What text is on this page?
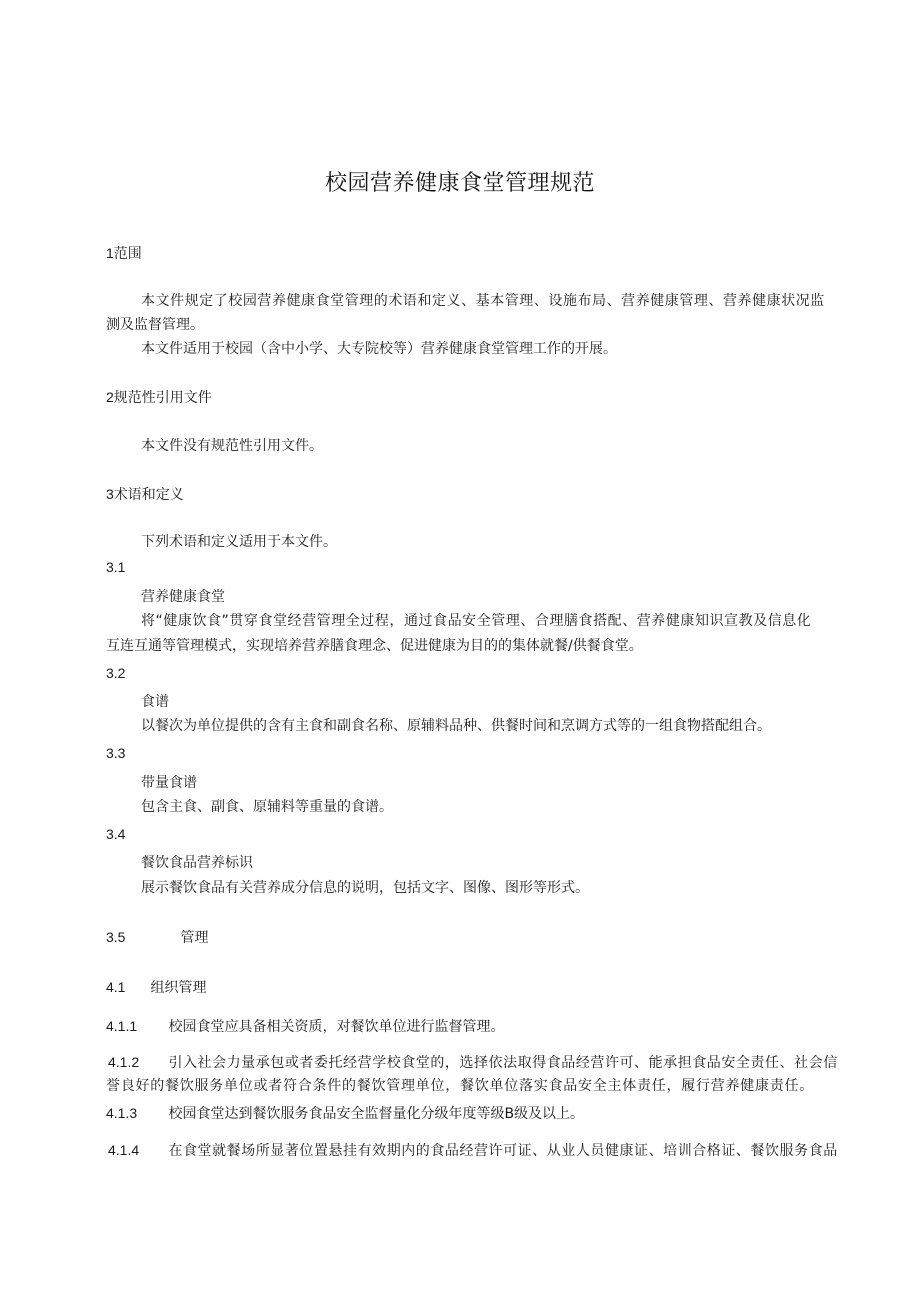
校园营养健康食堂管理规范
1范围
本文件规定了校园营养健康食堂管理的术语和定义、基本管理、设施布局、营养健康管理、营养健康状况监
测及监督管理。
本文件适用于校园（含中小学、大专院校等）营养健康食堂管理工作的开展。
2规范性引用文件
本文件没有规范性引用文件。
3术语和定义
下列术语和定义适用于本文件。
3.1
营养健康食堂
将“健康饮食”贯穿食堂经营管理全过程，通过食品安全管理、合理膳食搭配、营养健康知识宣教及信息化
互连互通等管理模式，实现培养营养膳食理念、促进健康为目的的集体就餐/供餐食堂。
3.2
食谱
以餐次为单位提供的含有主食和副食名称、原辅料品种、供餐时间和烹调方式等的一组食物搭配组合。
3.3
带量食谱
包含主食、副食、原辅料等重量的食谱。
3.4
餐饮食品营养标识
展示餐饮食品有关营养成分信息的说明，包括文字、图像、图形等形式。
3.5	管理
4.1 组织管理
4.1.1 校园食堂应具备相关资质，对餐饮单位进行监督管理。
4.1.2 引入社会力量承包或者委托经营学校食堂的，选择依法取得食品经营许可、能承担食品安全责任、社会信
誉良好的餐饮服务单位或者符合条件的餐饮管理单位，餐饮单位落实食品安全主体责任，履行营养健康责任。
4.1.3 校园食堂达到餐饮服务食品安全监督量化分级年度等级B级及以上。
4.1.4 在食堂就餐场所显著位置悬挂有效期内的食品经营许可证、从业人员健康证、培训合格证、餐饮服务食品
